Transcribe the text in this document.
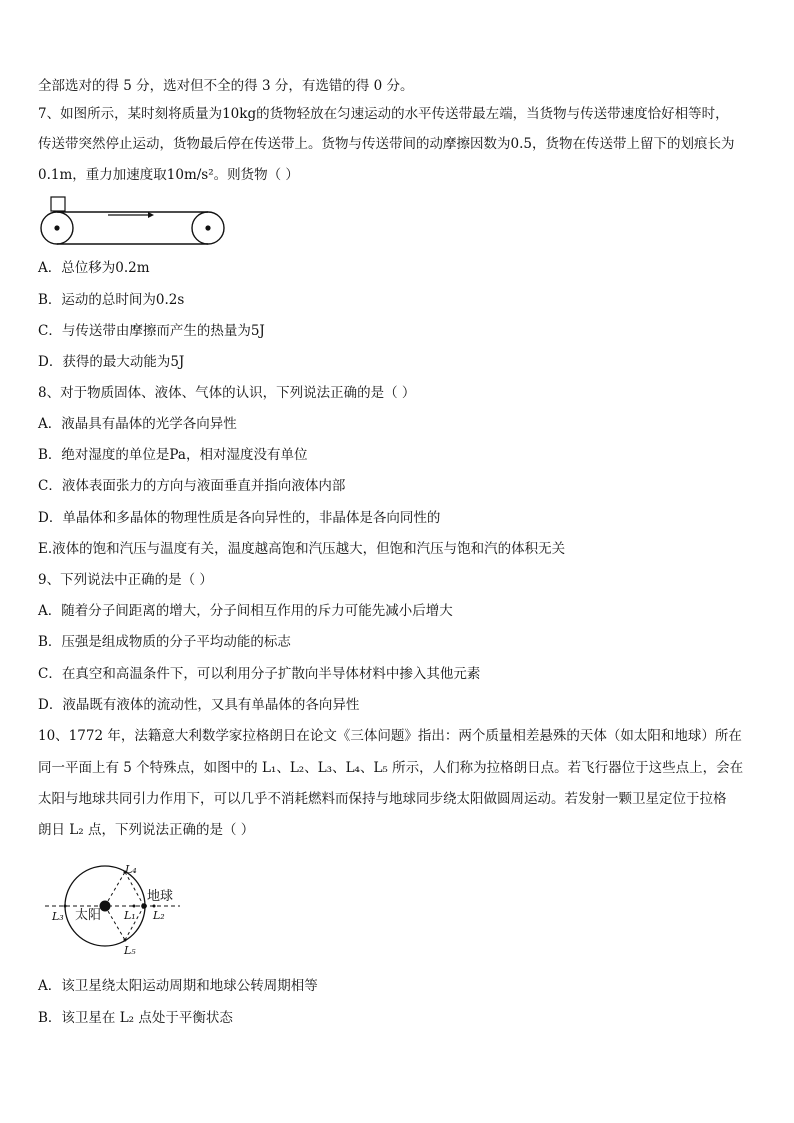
全部选对的得 5 分，选对但不全的得 3 分，有选错的得 0 分。
7、如图所示，某时刻将质量为10kg的货物轻放在匀速运动的水平传送带最左端，当货物与传送带速度恰好相等时，
传送带突然停止运动，货物最后停在传送带上。货物与传送带间的动摩擦因数为0.5，货物在传送带上留下的划痕长为
0.1m，重力加速度取10m/s²。则货物（ ）
A．总位移为0.2m
B．运动的总时间为0.2s
C．与传送带由摩擦而产生的热量为5J
D．获得的最大动能为5J
8、对于物质固体、液体、气体的认识，下列说法正确的是（ ）
A．液晶具有晶体的光学各向异性
B．绝对湿度的单位是Pa，相对湿度没有单位
C．液体表面张力的方向与液面垂直并指向液体内部
D．单晶体和多晶体的物理性质是各向异性的，非晶体是各向同性的
E.液体的饱和汽压与温度有关，温度越高饱和汽压越大，但饱和汽压与饱和汽的体积无关
9、下列说法中正确的是（ ）
A．随着分子间距离的增大，分子间相互作用的斥力可能先减小后增大
B．压强是组成物质的分子平均动能的标志
C．在真空和高温条件下，可以利用分子扩散向半导体材料中掺入其他元素
D．液晶既有液体的流动性，又具有单晶体的各向异性
10、1772 年，法籍意大利数学家拉格朗日在论文《三体问题》指出：两个质量相差悬殊的天体（如太阳和地球）所在
同一平面上有 5 个特殊点，如图中的 L₁、L₂、L₃、L₄、L₅ 所示，人们称为拉格朗日点。若飞行器位于这些点上，会在
太阳与地球共同引力作用下，可以几乎不消耗燃料而保持与地球同步绕太阳做圆周运动。若发射一颗卫星定位于拉格
朗日 L₂ 点，下列说法正确的是（ ）
太阳
地球
L₄
L₅
L₃	L₁ L₂
A．该卫星绕太阳运动周期和地球公转周期相等
B．该卫星在 L₂ 点处于平衡状态
